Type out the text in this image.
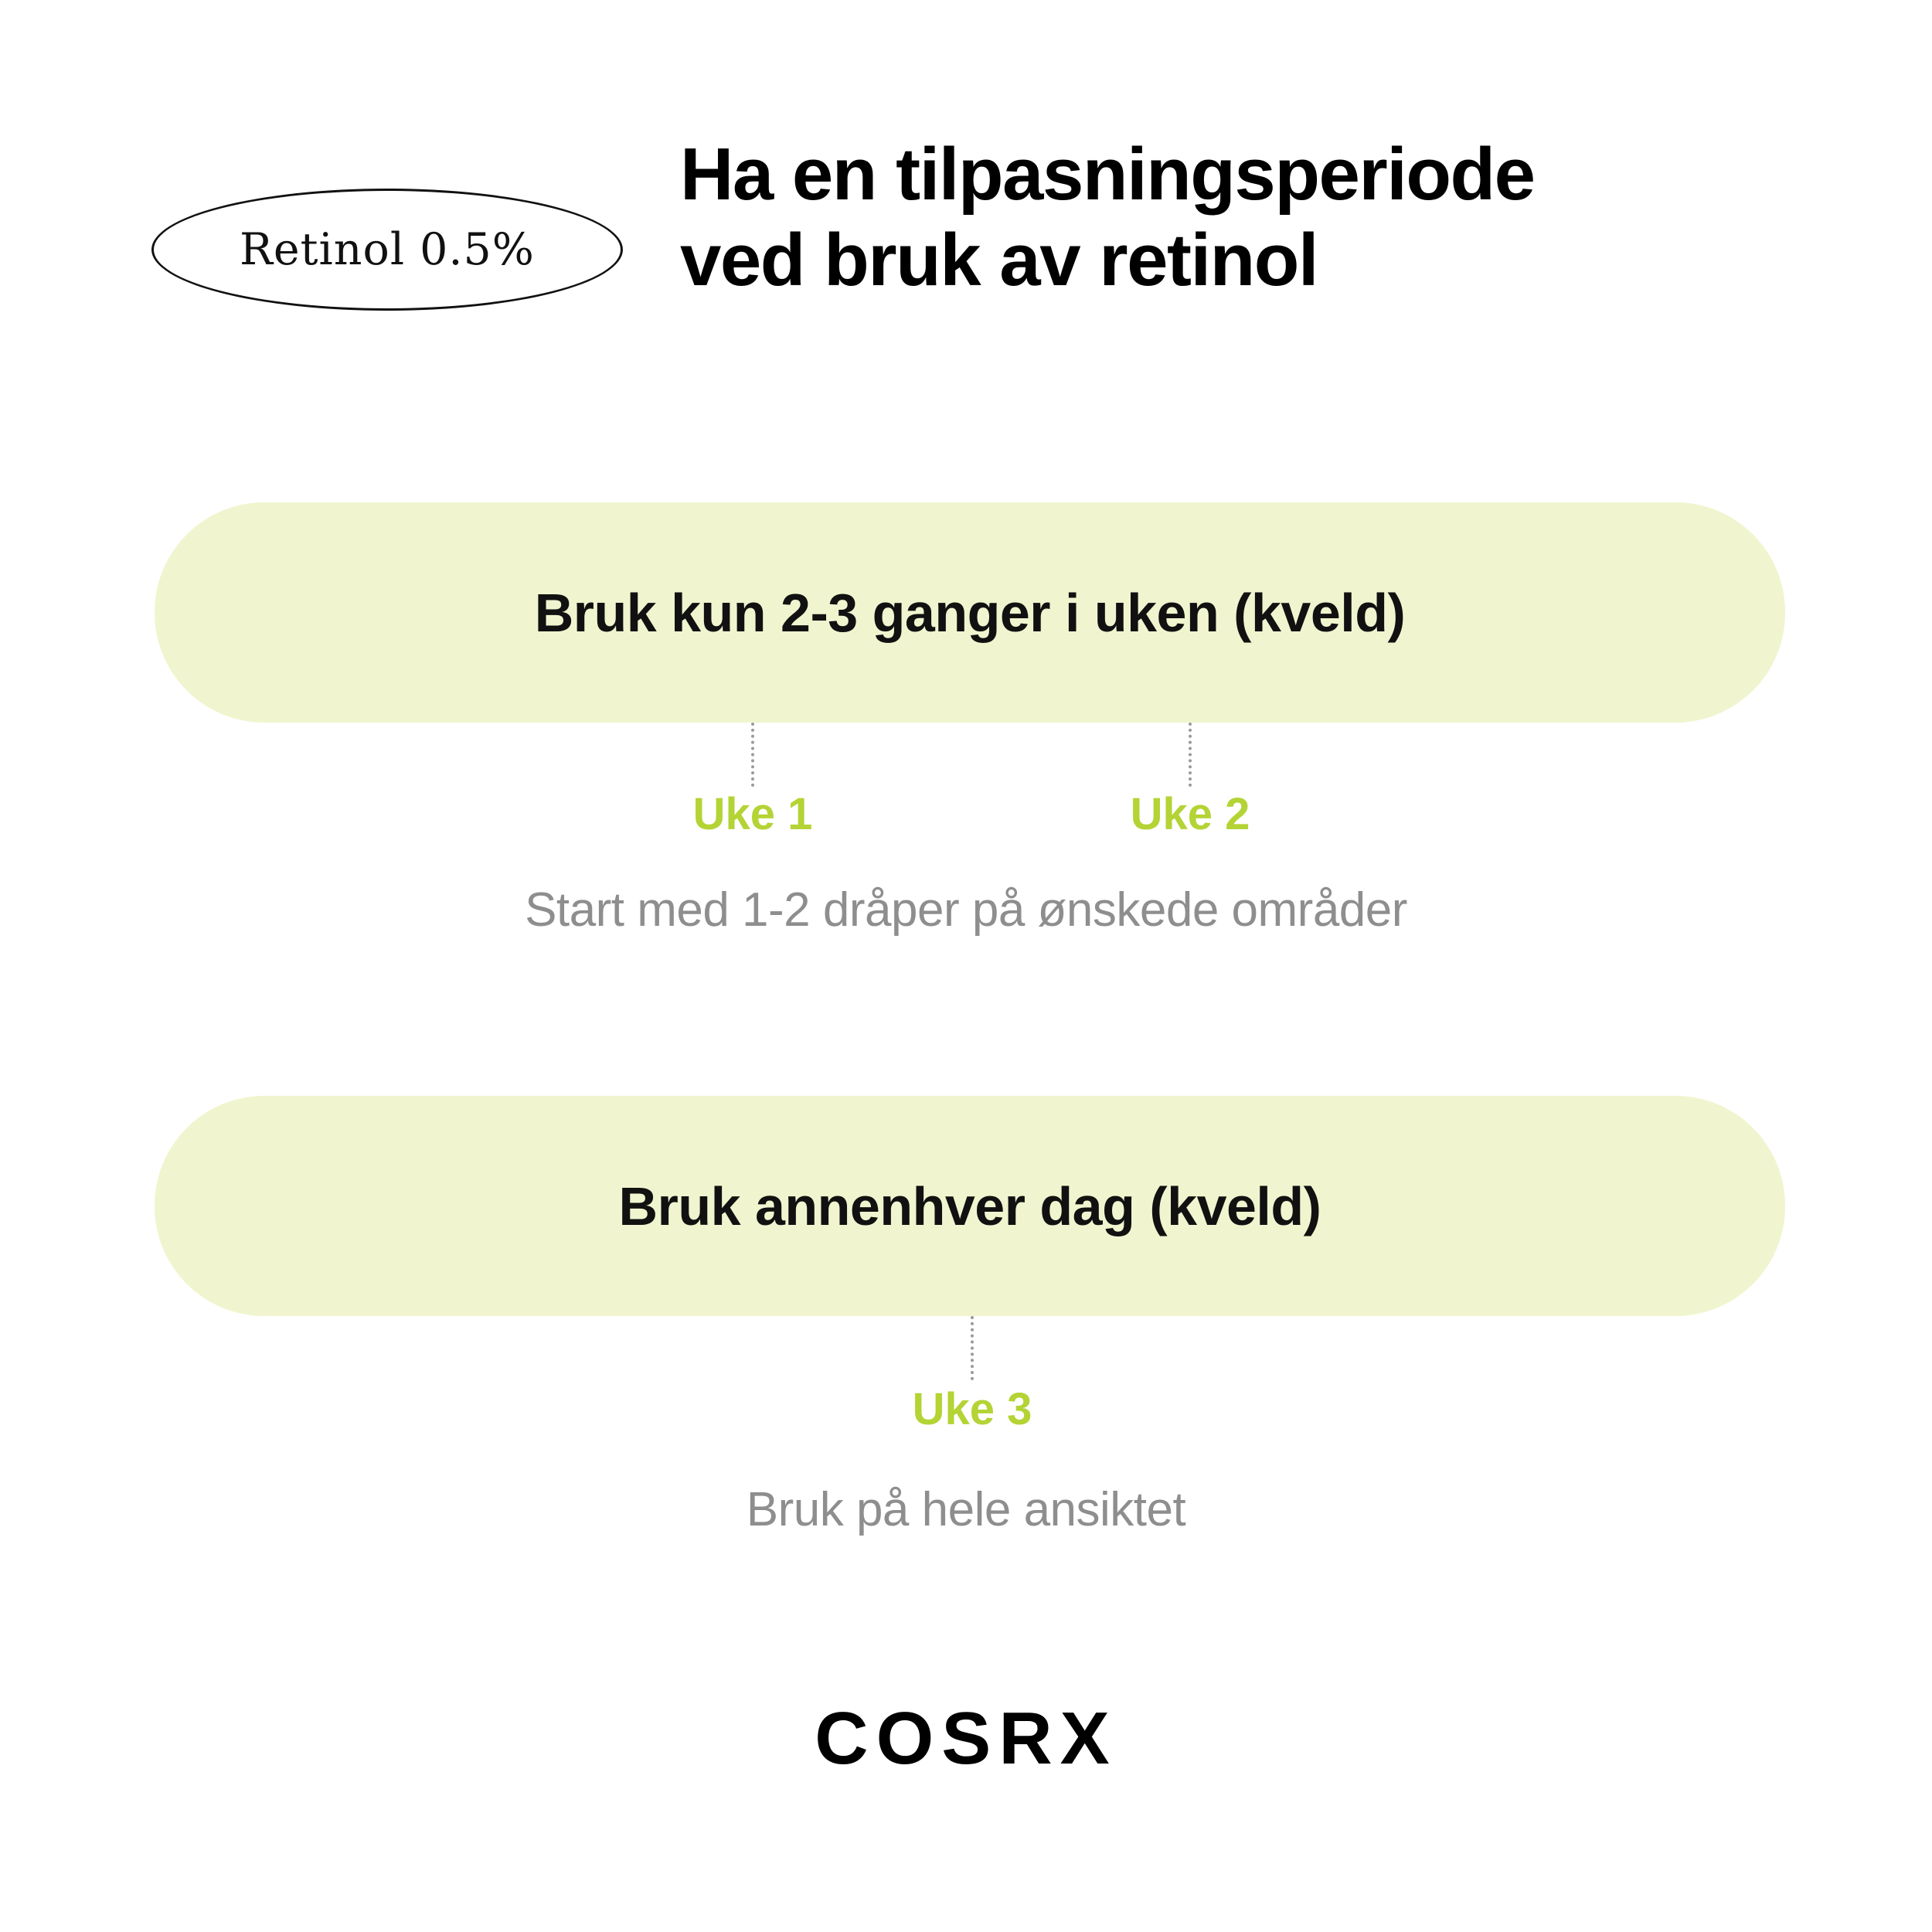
Retinol 0.5%
Ha en tilpasningsperiode
ved bruk av retinol
Bruk kun 2-3 ganger i uken (kveld)
Uke 1	Uke 2
Start med 1-2 dråper på ønskede områder
Bruk annenhver dag (kveld)
Uke 3
Bruk på hele ansiktet
COSRX
